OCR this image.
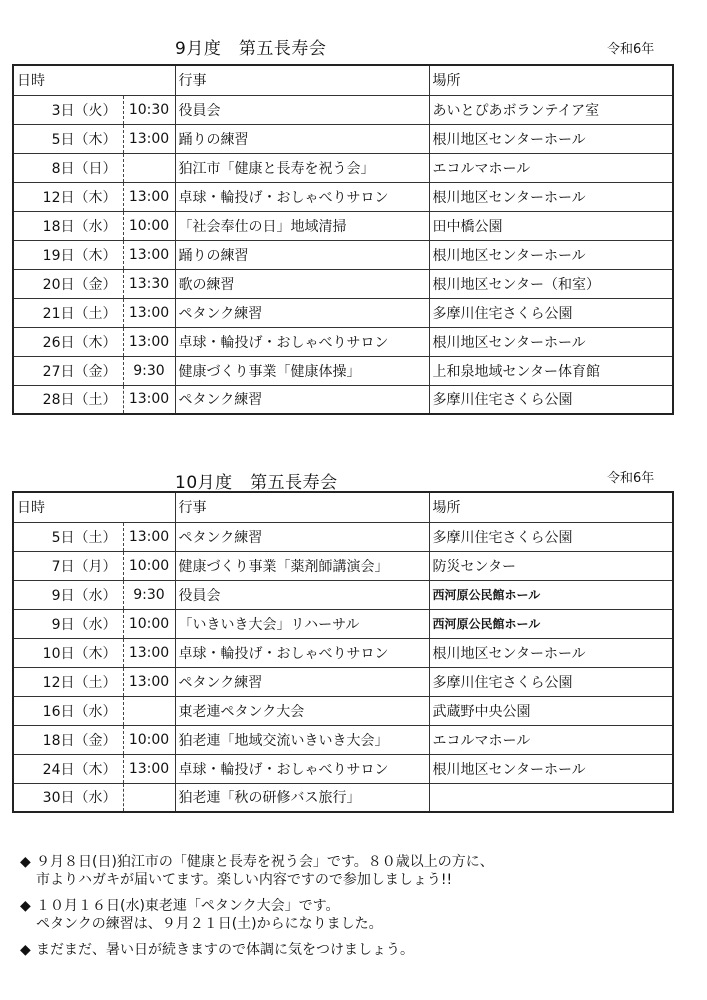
9月度　第五長寿会	令和6年
日時		行事	場所
3日（火）	10:30	役員会	あいとぴあボランテイア室
5日（木）	13:00	踊りの練習	根川地区センターホール
8日（日）		狛江市「健康と長寿を祝う会」	エコルマホール
12日（木）	13:00	卓球・輪投げ・おしゃべりサロン	根川地区センターホール
18日（水）	10:00	「社会奉仕の日」地域清掃	田中橋公園
19日（木）	13:00	踊りの練習	根川地区センターホール
20日（金）	13:30	歌の練習	根川地区センター（和室）
21日（土）	13:00	ペタンク練習	多摩川住宅さくら公園
26日（木）	13:00	卓球・輪投げ・おしゃべりサロン	根川地区センターホール
27日（金）	9:30	健康づくり事業「健康体操」	上和泉地域センター体育館
28日（土）	13:00	ペタンク練習	多摩川住宅さくら公園
10月度　第五長寿会	令和6年
日時		行事	場所
5日（土）	13:00	ペタンク練習	多摩川住宅さくら公園
7日（月）	10:00	健康づくり事業「薬剤師講演会」	防災センター
9日（水）	9:30	役員会	西河原公民館ホール
9日（水）	10:00	「いきいき大会」リハーサル	西河原公民館ホール
10日（木）	13:00	卓球・輪投げ・おしゃべりサロン	根川地区センターホール
12日（土）	13:00	ペタンク練習	多摩川住宅さくら公園
16日（水）		東老連ペタンク大会	武蔵野中央公園
18日（金）	10:00	狛老連「地域交流いきいき大会」	エコルマホール
24日（木）	13:00	卓球・輪投げ・おしゃべりサロン	根川地区センターホール
30日（水）		狛老連「秋の研修バス旅行」	
◆ ９月８日(日)狛江市の「健康と長寿を祝う会」です。８０歳以上の方に、
市よりハガキが届いてます。楽しい内容ですので参加しましょう!!
◆ １０月１６日(水)東老連「ペタンク大会」です。
ペタンクの練習は、９月２１日(土)からになりました。
◆ まだまだ、暑い日が続きますので体調に気をつけましょう。
